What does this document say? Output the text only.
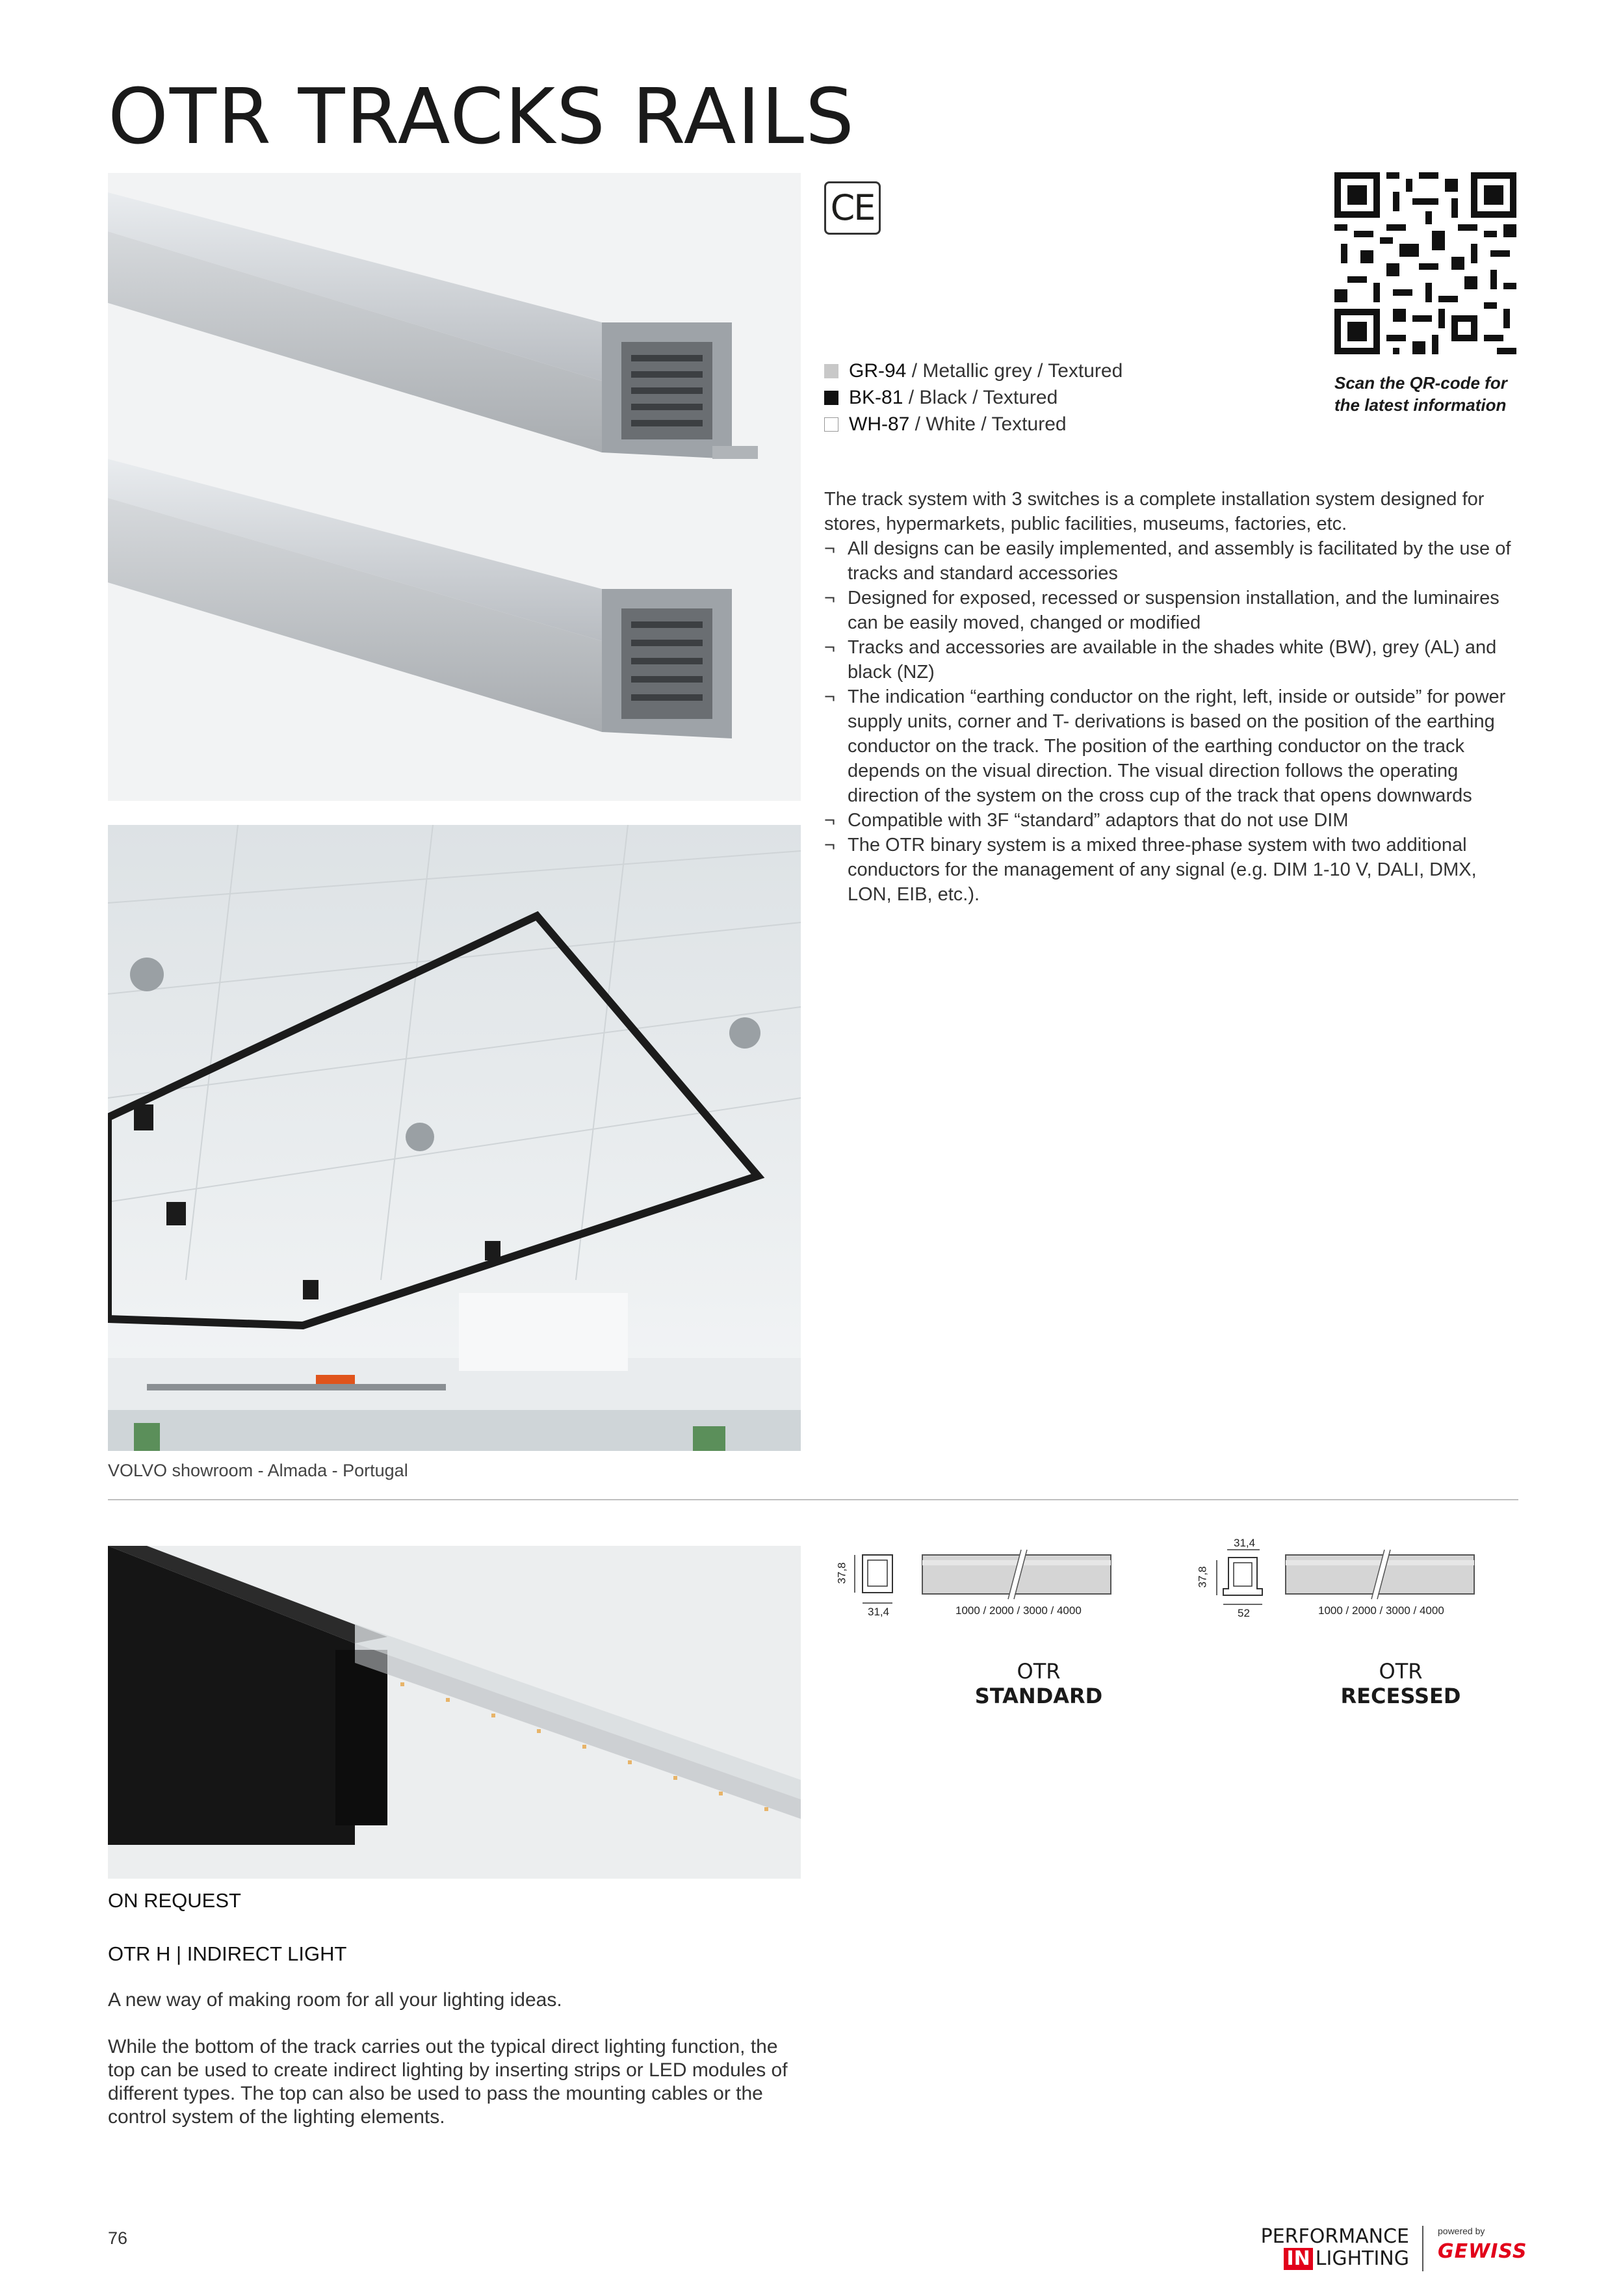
OTR TRACKS RAILS
VOLVO showroom - Almada - Portugal
CE
Scan the QR-code for the latest information
GR-94 / Metallic grey / Textured
BK-81 / Black / Textured
WH-87 / White / Textured

The track system with 3 switches is a complete installation system designed for stores, hypermarkets, public facilities, museums, factories, etc.

¬ All designs can be easily implemented, and assembly is facilitated by the use of tracks and standard accessories
¬ Designed for exposed, recessed or suspension installation, and the luminaires can be easily moved, changed or modified
¬ Tracks and accessories are available in the shades white (BW), grey (AL) and black (NZ)
¬ The indication “earthing conductor on the right, left, inside or outside” for power supply units, corner and T- derivations is based on the position of the earthing conductor on the track. The position of the earthing conductor on the track depends on the visual direction. The visual direction follows the operating direction of the system on the cross cup of the track that opens downwards
¬ Compatible with 3F “standard” adaptors that do not use DIM
¬ The OTR binary system is a mixed three-phase system with two additional conductors for the management of any signal (e.g. DIM 1-10 V, DALI, DMX, LON, EIB, etc.).
37,8
31,4	1000 / 2000 / 3000 / 4000
OTR
STANDARD
31,4
37,8
52	1000 / 2000 / 3000 / 4000
OTR
RECESSED
ON REQUEST
OTR H | INDIRECT LIGHT
A new way of making room for all your lighting ideas.
While the bottom of the track carries out the typical direct lighting function, the top can be used to create indirect lighting by inserting strips or LED modules of different types. The top can also be used to pass the mounting cables or the control system of the lighting elements.
76	PERFORMANCE
IN LIGHTING
powered by
GEWISS
